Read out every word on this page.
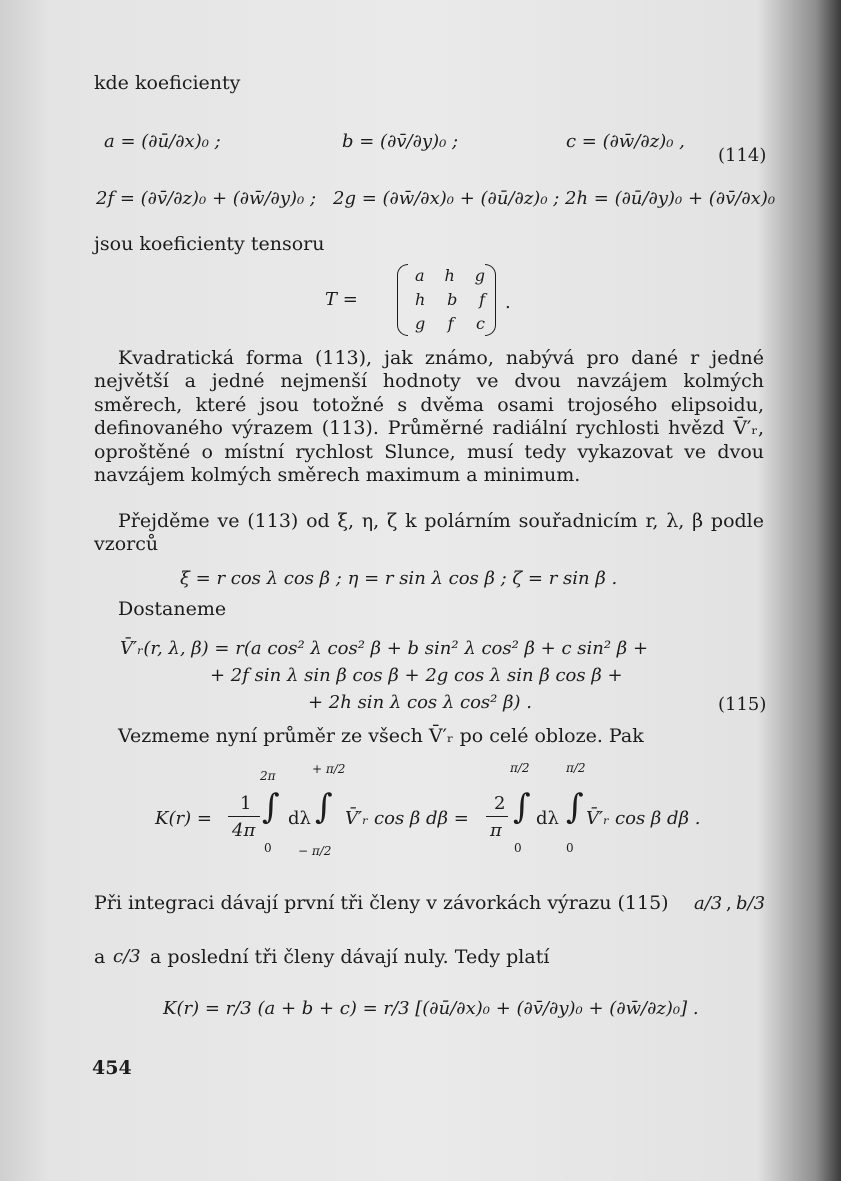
kde koeficienty
a = (∂ū/∂x)₀ ;	b = (∂v̄/∂y)₀ ;	c = (∂w̄/∂z)₀ ,
(114)
2f = (∂v̄/∂z)₀ + (∂w̄/∂y)₀ ; 2g = (∂w̄/∂x)₀ + (∂ū/∂z)₀ ; 2h = (∂ū/∂y)₀ + (∂v̄/∂x)₀
jsou koeficienty tensoru
T =
a h g
h b f
g f c
.
Kvadratická forma (113), jak známo, nabývá pro dané r jedné největší a jedné nejmenší hodnoty ve dvou navzájem kolmých směrech, které jsou totožné s dvěma osami trojosého elipsoidu, definovaného výrazem (113). Průměrné radiální rychlosti hvězd V̄′ᵣ, oproštěné o místní rychlost Slunce, musí tedy vykazovat ve dvou navzájem kolmých směrech maximum a minimum.
Přejděme ve (113) od ξ, η, ζ k polárním souřadnicím r, λ, β podle vzorců
ξ = r cos λ cos β ; η = r sin λ cos β ; ζ = r sin β .
Dostaneme
V̄′ᵣ(r, λ, β) = r(a cos² λ cos² β + b sin² λ cos² β + c sin² β +
+ 2f sin λ sin β cos β + 2g cos λ sin β cos β +
+ 2h sin λ cos λ cos² β) .	(115)
Vezmeme nyní průměr ze všech V̄′ᵣ po celé obloze. Pak
K(r) =
1
4π
2π
∫
0
dλ
+ π/2
∫
− π/2
V̄′ᵣ cos β dβ =
2
π
π/2
∫
0
dλ
π/2
∫
0
V̄′ᵣ cos β dβ .
Při integraci dávají první tři členy v závorkách výrazu (115) a/3 , b/3
a c/3 a poslední tři členy dávají nuly. Tedy platí
K(r) = r/3 (a + b + c) = r/3 [(∂ū/∂x)₀ + (∂v̄/∂y)₀ + (∂w̄/∂z)₀] .
454
